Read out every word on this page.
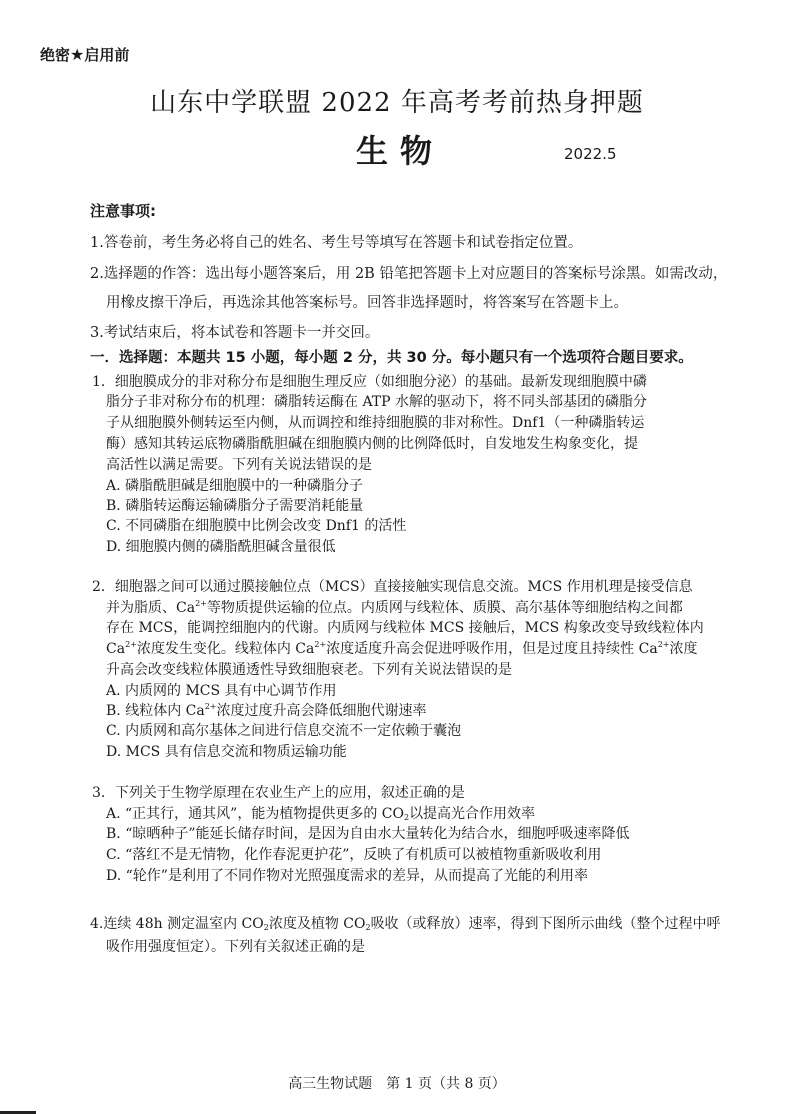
绝密★启用前
山东中学联盟 2022 年高考考前热身押题
生物	2022.5
注意事项:
1.答卷前，考生务必将自己的姓名、考生号等填写在答题卡和试卷指定位置。
2.选择题的作答：选出每小题答案后，用 2B 铅笔把答题卡上对应题目的答案标号涂黑。如需改动，
用橡皮擦干净后，再选涂其他答案标号。回答非选择题时，将答案写在答题卡上。
3.考试结束后，将本试卷和答题卡一并交回。
一．选择题：本题共 15 小题，每小题 2 分，共 30 分。每小题只有一个选项符合题目要求。
1．细胞膜成分的非对称分布是细胞生理反应（如细胞分泌）的基础。最新发现细胞膜中磷
脂分子非对称分布的机理：磷脂转运酶在 ATP 水解的驱动下，将不同头部基团的磷脂分
子从细胞膜外侧转运至内侧，从而调控和维持细胞膜的非对称性。Dnf1（一种磷脂转运
酶）感知其转运底物磷脂酰胆碱在细胞膜内侧的比例降低时，自发地发生构象变化，提
高活性以满足需要。下列有关说法错误的是
A. 磷脂酰胆碱是细胞膜中的一种磷脂分子
B. 磷脂转运酶运输磷脂分子需要消耗能量
C. 不同磷脂在细胞膜中比例会改变 Dnf1 的活性
D. 细胞膜内侧的磷脂酰胆碱含量很低
2．细胞器之间可以通过膜接触位点（MCS）直接接触实现信息交流。MCS 作用机理是接受信息
并为脂质、$Ca^{2+}$等物质提供运输的位点。内质网与线粒体、质膜、高尔基体等细胞结构之间都
存在 MCS，能调控细胞内的代谢。内质网与线粒体 MCS 接触后，MCS 构象改变导致线粒体内
$Ca^{2+}$浓度发生变化。线粒体内 $Ca^{2+}$浓度适度升高会促进呼吸作用，但是过度且持续性 $Ca^{2+}$浓度
升高会改变线粒体膜通透性导致细胞衰老。下列有关说法错误的是
A. 内质网的 MCS 具有中心调节作用
B. 线粒体内 $Ca^{2+}$浓度过度升高会降低细胞代谢速率
C. 内质网和高尔基体之间进行信息交流不一定依赖于囊泡
D. MCS 具有信息交流和物质运输功能
3．下列关于生物学原理在农业生产上的应用，叙述正确的是
A. “正其行，通其风”，能为植物提供更多的 $CO_2$以提高光合作用效率
B. “晾晒种子”能延长储存时间，是因为自由水大量转化为结合水，细胞呼吸速率降低
C. “落红不是无情物，化作春泥更护花”，反映了有机质可以被植物重新吸收利用
D. “轮作”是利用了不同作物对光照强度需求的差异，从而提高了光能的利用率
4.连续 48h 测定温室内 $CO_2$浓度及植物 $CO_2$吸收（或释放）速率，得到下图所示曲线（整个过程中呼
吸作用强度恒定）。下列有关叙述正确的是
高三生物试题　第 1 页（共 8 页）
